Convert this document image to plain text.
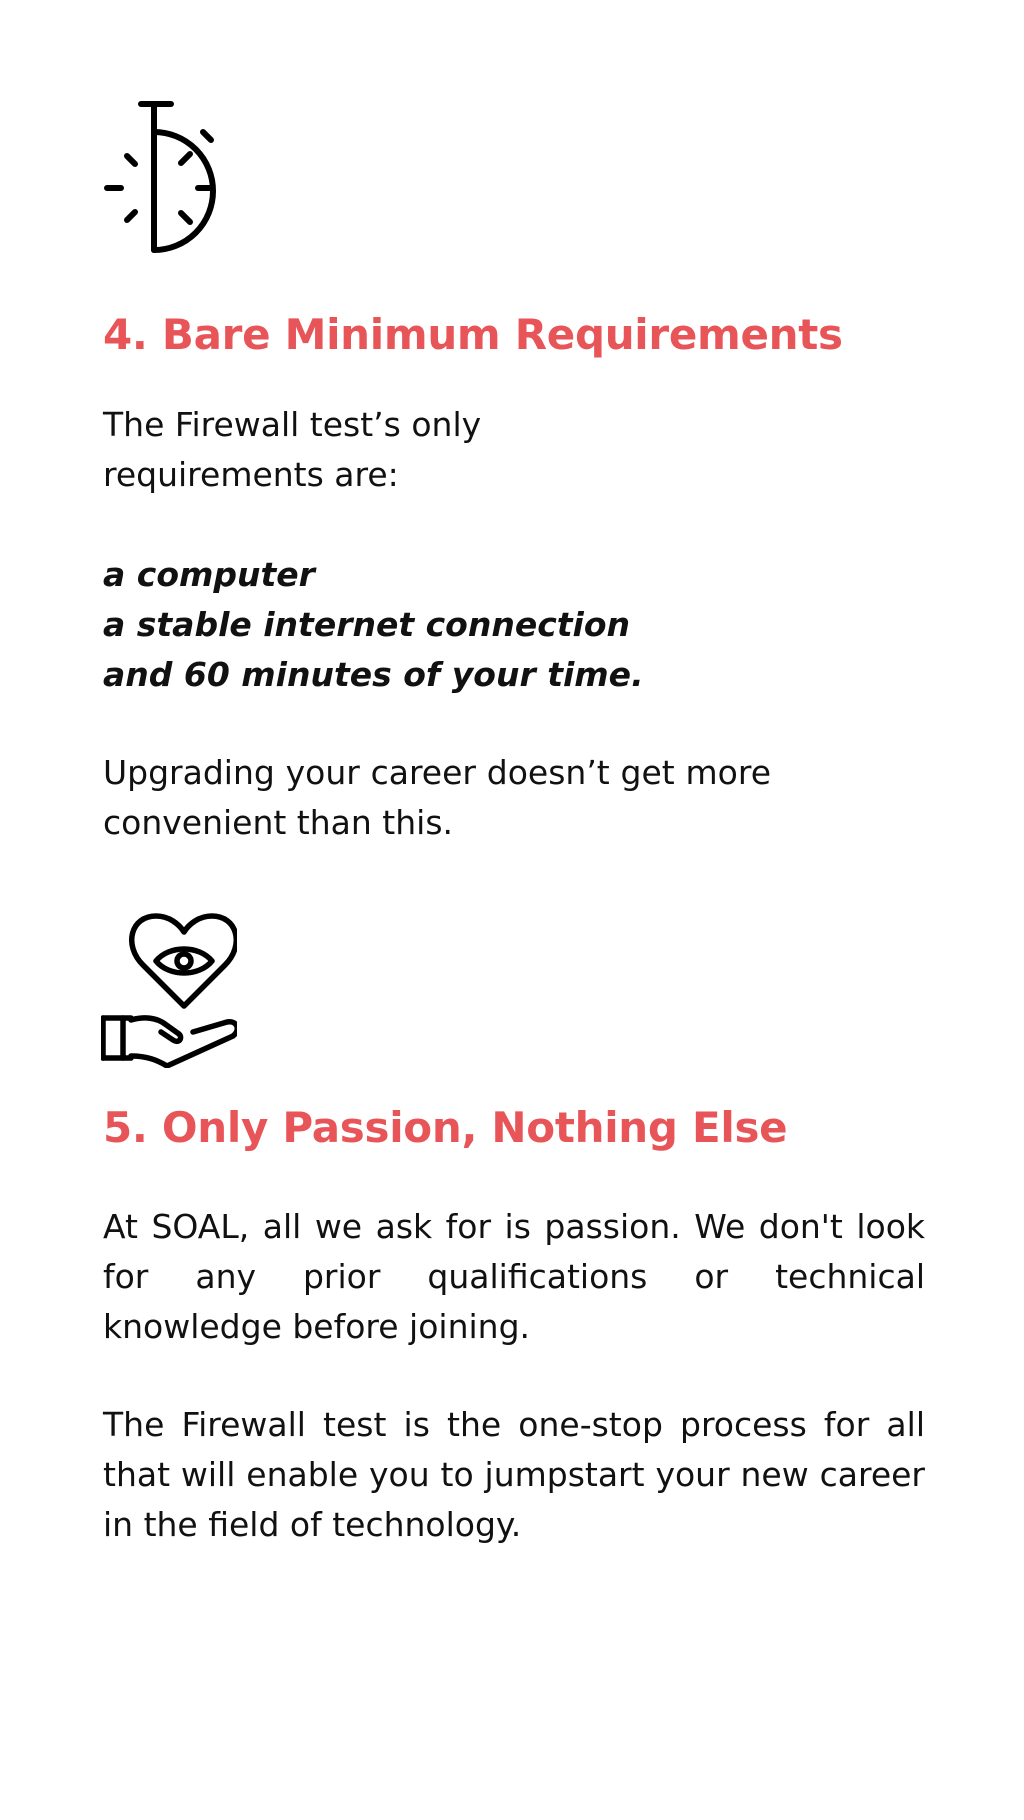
4. Bare Minimum Requirements

The Firewall test’s only requirements are:

a computer
a stable internet connection
and 60 minutes of your time.

Upgrading your career doesn’t get more convenient than this.

5. Only Passion, Nothing Else

At SOAL, all we ask for is passion. We don't look for any prior qualifications or technical knowledge before joining.

The Firewall test is the one-stop process for all that will enable you to jumpstart your new career in the field of technology.
